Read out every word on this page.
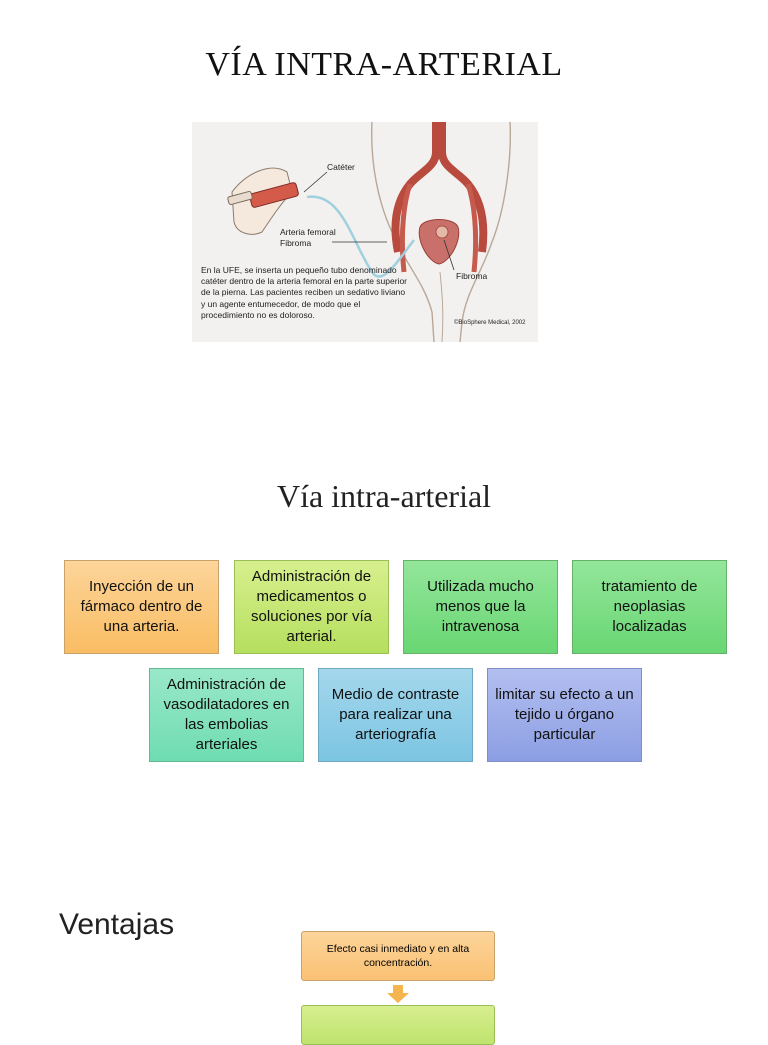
VÍA INTRA-ARTERIAL
Catéter
Arteria femoral
Fibroma
Fibroma
En la UFE, se inserta un pequeño tubo denominado catéter dentro de la arteria femoral en la parte superior de la pierna. Las pacientes reciben un sedativo liviano y un agente entumecedor, de modo que el procedimiento no es doloroso.
©BioSphere Medical, 2002
Vía intra-arterial
Inyección de un fármaco dentro de una arteria.
Administración de medicamentos o soluciones por vía arterial.
Utilizada mucho menos que la intravenosa
tratamiento de neoplasias localizadas
Administración de vasodilatadores en las embolias arteriales
Medio de contraste para realizar una arteriografía
limitar su efecto a un tejido u órgano particular
Ventajas
Efecto casi inmediato y en alta concentración.
